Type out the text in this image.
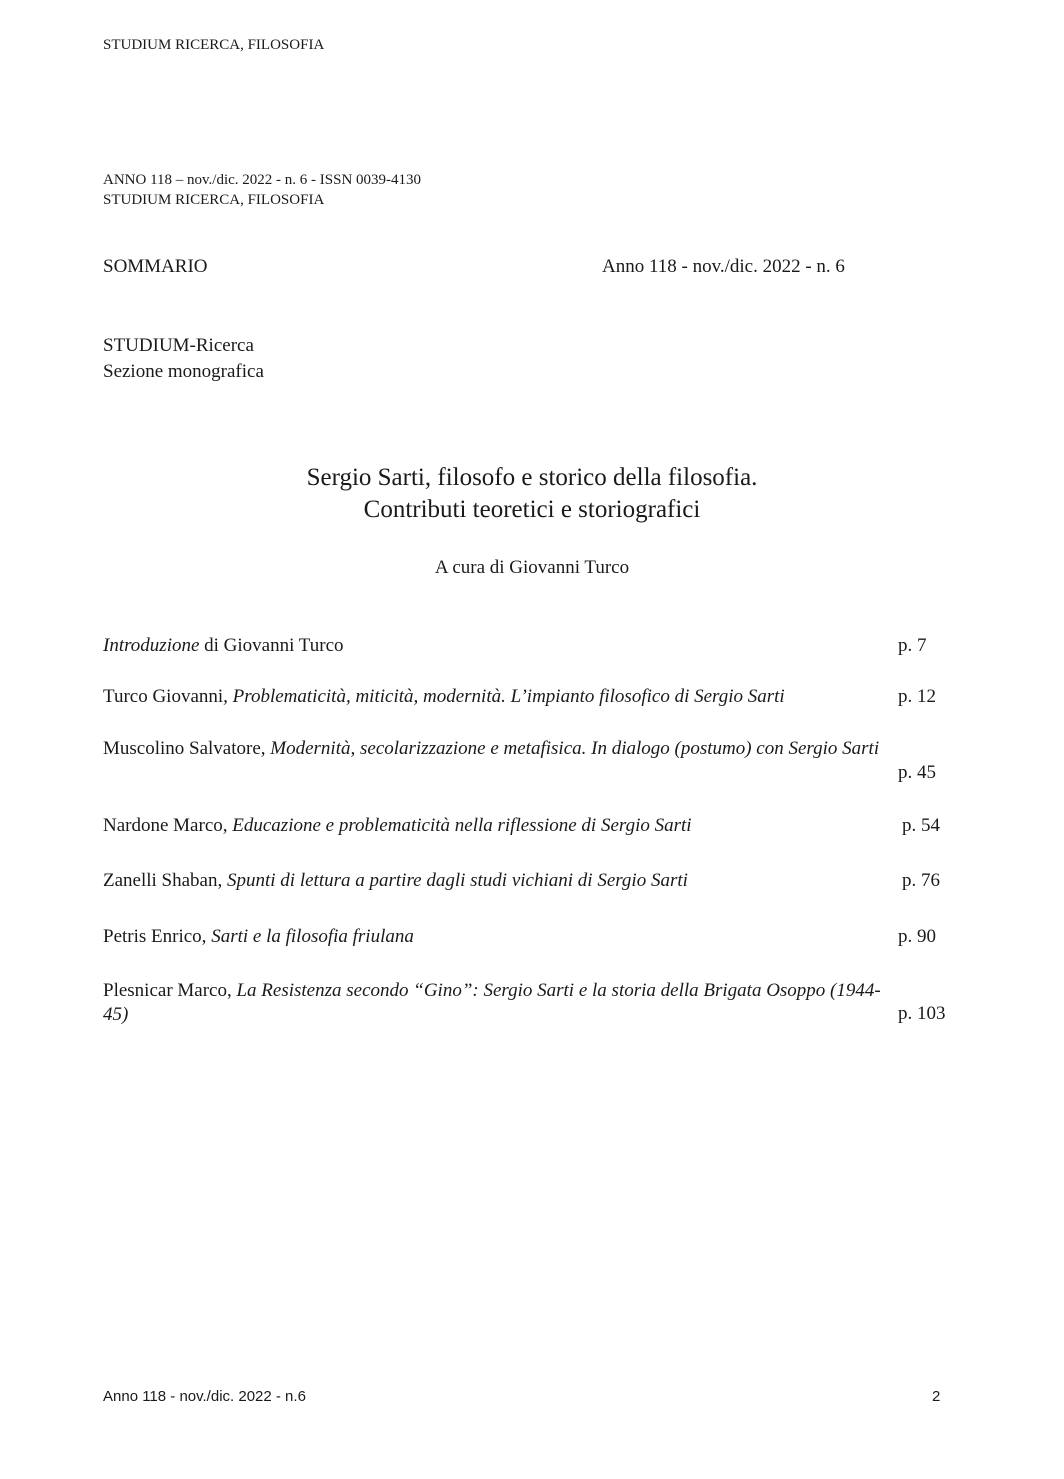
STUDIUM RICERCA, FILOSOFIA
ANNO 118 – nov./dic. 2022 - n. 6 - ISSN 0039-4130
STUDIUM RICERCA, FILOSOFIA
SOMMARIO	Anno 118 - nov./dic. 2022 - n. 6
STUDIUM-Ricerca
Sezione monografica
Sergio Sarti, filosofo e storico della filosofia.
Contributi teoretici e storiografici
A cura di Giovanni Turco
Introduzione di Giovanni Turco	p. 7
Turco Giovanni, Problematicità, miticità, modernità. L’impianto filosofico di Sergio Sarti	p. 12
Muscolino Salvatore, Modernità, secolarizzazione e metafisica. In dialogo (postumo) con Sergio Sarti
p. 45
Nardone Marco, Educazione e problematicità nella riflessione di Sergio Sarti	p. 54
Zanelli Shaban, Spunti di lettura a partire dagli studi vichiani di Sergio Sarti	p. 76
Petris Enrico, Sarti e la filosofia friulana	p. 90
Plesnicar Marco, La Resistenza secondo “Gino”: Sergio Sarti e la storia della Brigata Osoppo (1944-
45)	p. 103
Anno 118 - nov./dic. 2022 - n.6	2
